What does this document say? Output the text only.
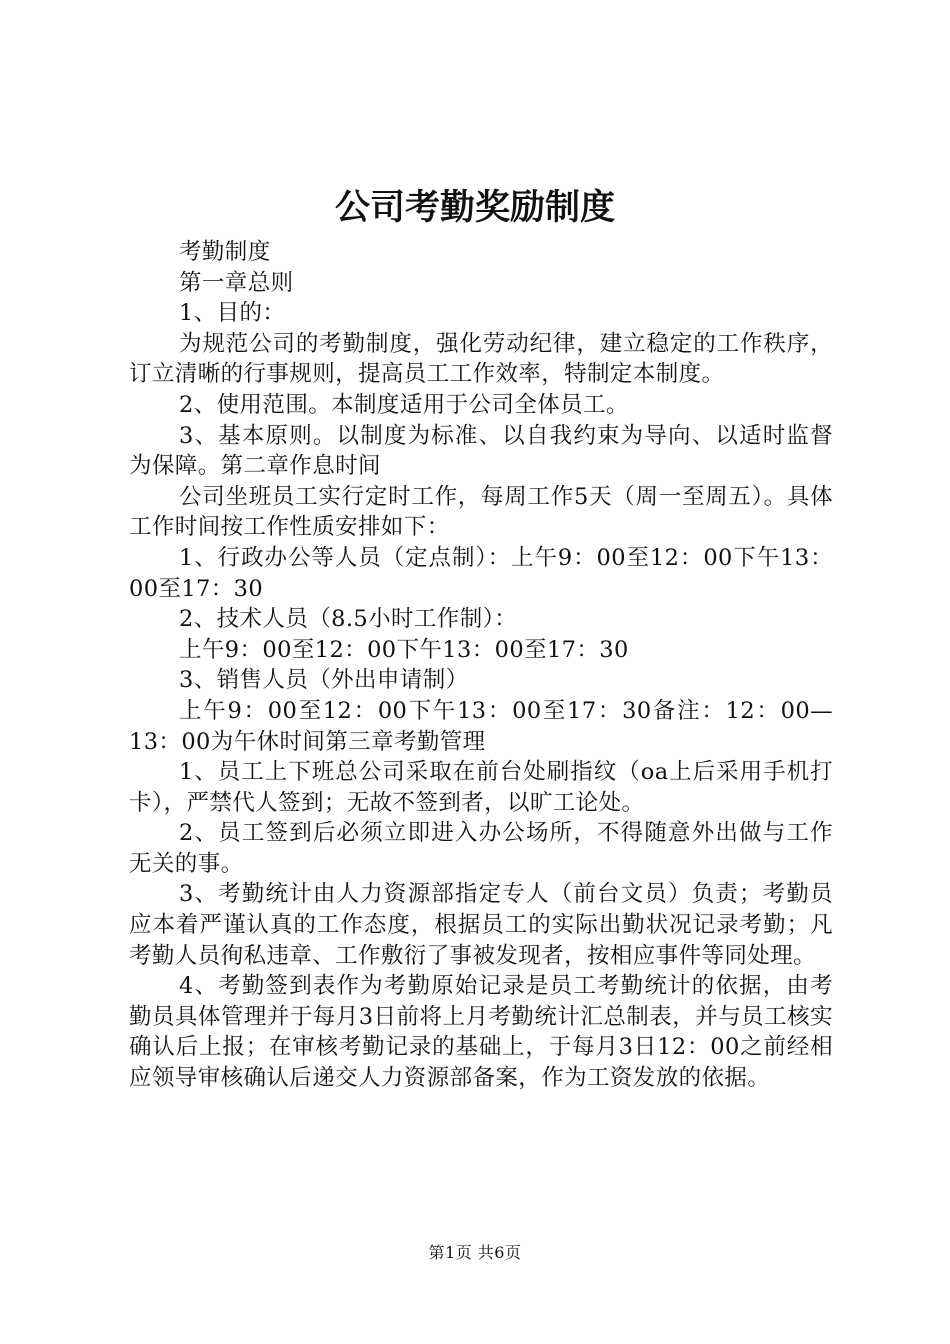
公司考勤奖励制度

考勤制度

第一章总则

1、目的：

为规范公司的考勤制度，强化劳动纪律，建立稳定的工作秩序，订立清晰的行事规则，提高员工工作效率，特制定本制度。

2、使用范围。本制度适用于公司全体员工。

3、基本原则。以制度为标准、以自我约束为导向、以适时监督为保障。第二章作息时间

公司坐班员工实行定时工作，每周工作5天（周一至周五）。具体工作时间按工作性质安排如下：

1、行政办公等人员（定点制）：上午9：00至12：00下午13：00至17：30

2、技术人员（8.5小时工作制）：

上午9：00至12：00下午13：00至17：30

3、销售人员（外出申请制）

上午9：00至12：00下午13：00至17：30备注：12：00—13：00为午休时间第三章考勤管理

1、员工上下班总公司采取在前台处刷指纹（oa上后采用手机打卡），严禁代人签到；无故不签到者，以旷工论处。

2、员工签到后必须立即进入办公场所，不得随意外出做与工作无关的事。

3、考勤统计由人力资源部指定专人（前台文员）负责；考勤员应本着严谨认真的工作态度，根据员工的实际出勤状况记录考勤；凡考勤人员徇私违章、工作敷衍了事被发现者，按相应事件等同处理。

4、考勤签到表作为考勤原始记录是员工考勤统计的依据，由考勤员具体管理并于每月3日前将上月考勤统计汇总制表，并与员工核实确认后上报；在审核考勤记录的基础上，于每月3日12：00之前经相应领导审核确认后递交人力资源部备案，作为工资发放的依据。

第1页 共6页
